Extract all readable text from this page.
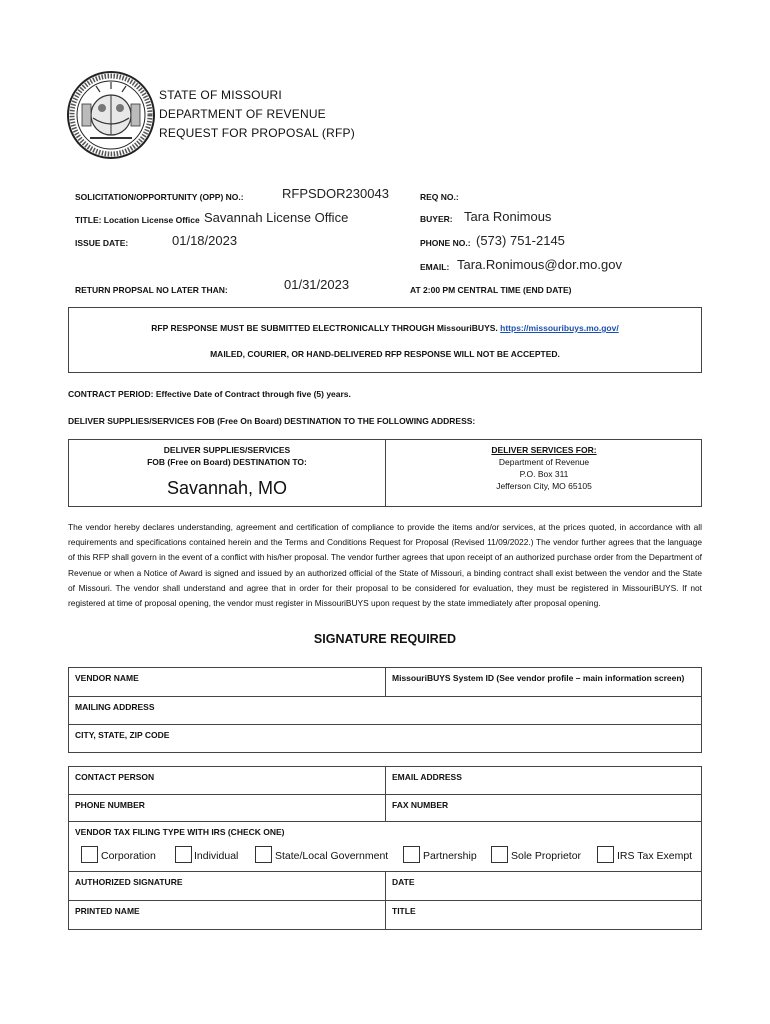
STATE OF MISSOURI
DEPARTMENT OF REVENUE
REQUEST FOR PROPOSAL (RFP)
SOLICITATION/OPPORTUNITY (OPP) NO.:	RFPSDOR230043
TITLE: Location License Office Savannah License Office
ISSUE DATE:	01/18/2023
RETURN PROPSAL NO LATER THAN:	01/31/2023
REQ NO.:
BUYER: Tara Ronimous
PHONE NO.: (573) 751-2145
EMAIL: Tara.Ronimous@dor.mo.gov
AT 2:00 PM CENTRAL TIME (END DATE)
RFP RESPONSE MUST BE SUBMITTED ELECTRONICALLY THROUGH MissouriBUYS. https://missouribuys.mo.gov/
MAILED, COURIER, OR HAND-DELIVERED RFP RESPONSE WILL NOT BE ACCEPTED.
CONTRACT PERIOD: Effective Date of Contract through five (5) years.
DELIVER SUPPLIES/SERVICES FOB (Free On Board) DESTINATION TO THE FOLLOWING ADDRESS:
DELIVER SUPPLIES/SERVICES
FOB (Free on Board) DESTINATION TO:
Savannah, MO
DELIVER SERVICES FOR:
Department of Revenue
P.O. Box 311
Jefferson City, MO 65105
The vendor hereby declares understanding, agreement and certification of compliance to provide the items and/or services, at the prices quoted, in accordance with all requirements and specifications contained herein and the Terms and Conditions Request for Proposal (Revised 11/09/2022.) The vendor further agrees that the language of this RFP shall govern in the event of a conflict with his/her proposal. The vendor further agrees that upon receipt of an authorized purchase order from the Department of Revenue or when a Notice of Award is signed and issued by an authorized official of the State of Missouri, a binding contract shall exist between the vendor and the State of Missouri. The vendor shall understand and agree that in order for their proposal to be considered for evaluation, they must be registered in MissouriBUYS. If not registered at time of proposal opening, the vendor must register in MissouriBUYS upon request by the state immediately after proposal opening.
SIGNATURE REQUIRED
VENDOR NAME	MissouriBUYS System ID (See vendor profile – main information screen)
MAILING ADDRESS
CITY, STATE, ZIP CODE
CONTACT PERSON	EMAIL ADDRESS
PHONE NUMBER	FAX NUMBER
VENDOR TAX FILING TYPE WITH IRS (CHECK ONE)
AUTHORIZED SIGNATURE	DATE
PRINTED NAME	TITLE
Corporation	Individual	State/Local Government	Partnership	Sole Proprietor	IRS Tax Exempt
